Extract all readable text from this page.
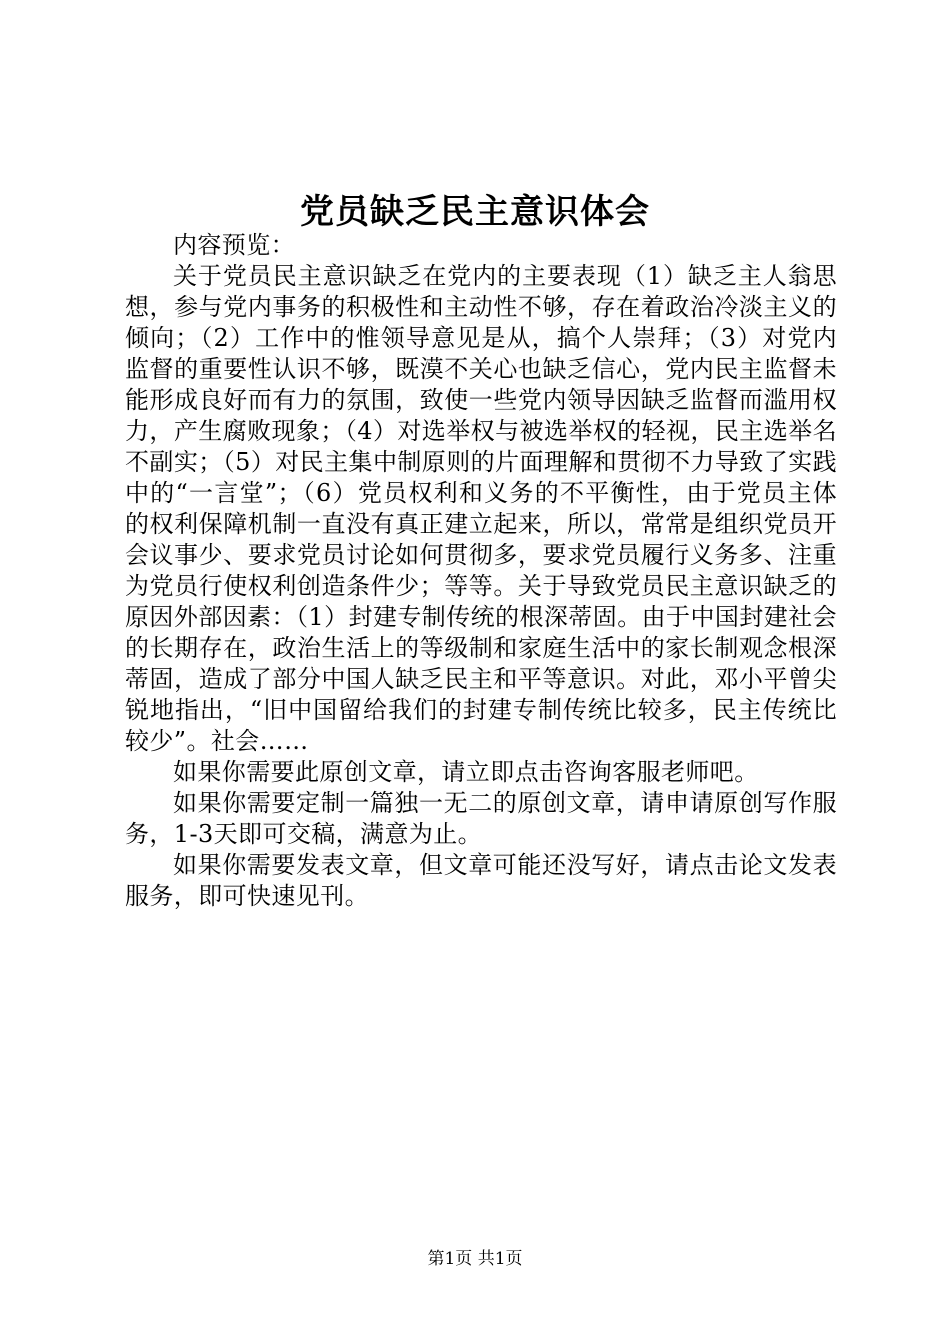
党员缺乏民主意识体会

内容预览：

关于党员民主意识缺乏在党内的主要表现（1）缺乏主人翁思想，参与党内事务的积极性和主动性不够，存在着政治冷淡主义的倾向；（2）工作中的惟领导意见是从，搞个人崇拜；（3）对党内监督的重要性认识不够，既漠不关心也缺乏信心，党内民主监督未能形成良好而有力的氛围，致使一些党内领导因缺乏监督而滥用权力，产生腐败现象；（4）对选举权与被选举权的轻视，民主选举名不副实；（5）对民主集中制原则的片面理解和贯彻不力导致了实践中的“一言堂”；（6）党员权利和义务的不平衡性，由于党员主体的权利保障机制一直没有真正建立起来，所以，常常是组织党员开会议事少、要求党员讨论如何贯彻多，要求党员履行义务多、注重为党员行使权利创造条件少；等等。关于导致党员民主意识缺乏的原因外部因素：（1）封建专制传统的根深蒂固。由于中国封建社会的长期存在，政治生活上的等级制和家庭生活中的家长制观念根深蒂固，造成了部分中国人缺乏民主和平等意识。对此，邓小平曾尖锐地指出，“旧中国留给我们的封建专制传统比较多，民主传统比较少”。社会……

如果你需要此原创文章，请立即点击咨询客服老师吧。

如果你需要定制一篇独一无二的原创文章，请申请原创写作服务，1-3天即可交稿，满意为止。

如果你需要发表文章，但文章可能还没写好，请点击论文发表服务，即可快速见刊。

第1页 共1页
